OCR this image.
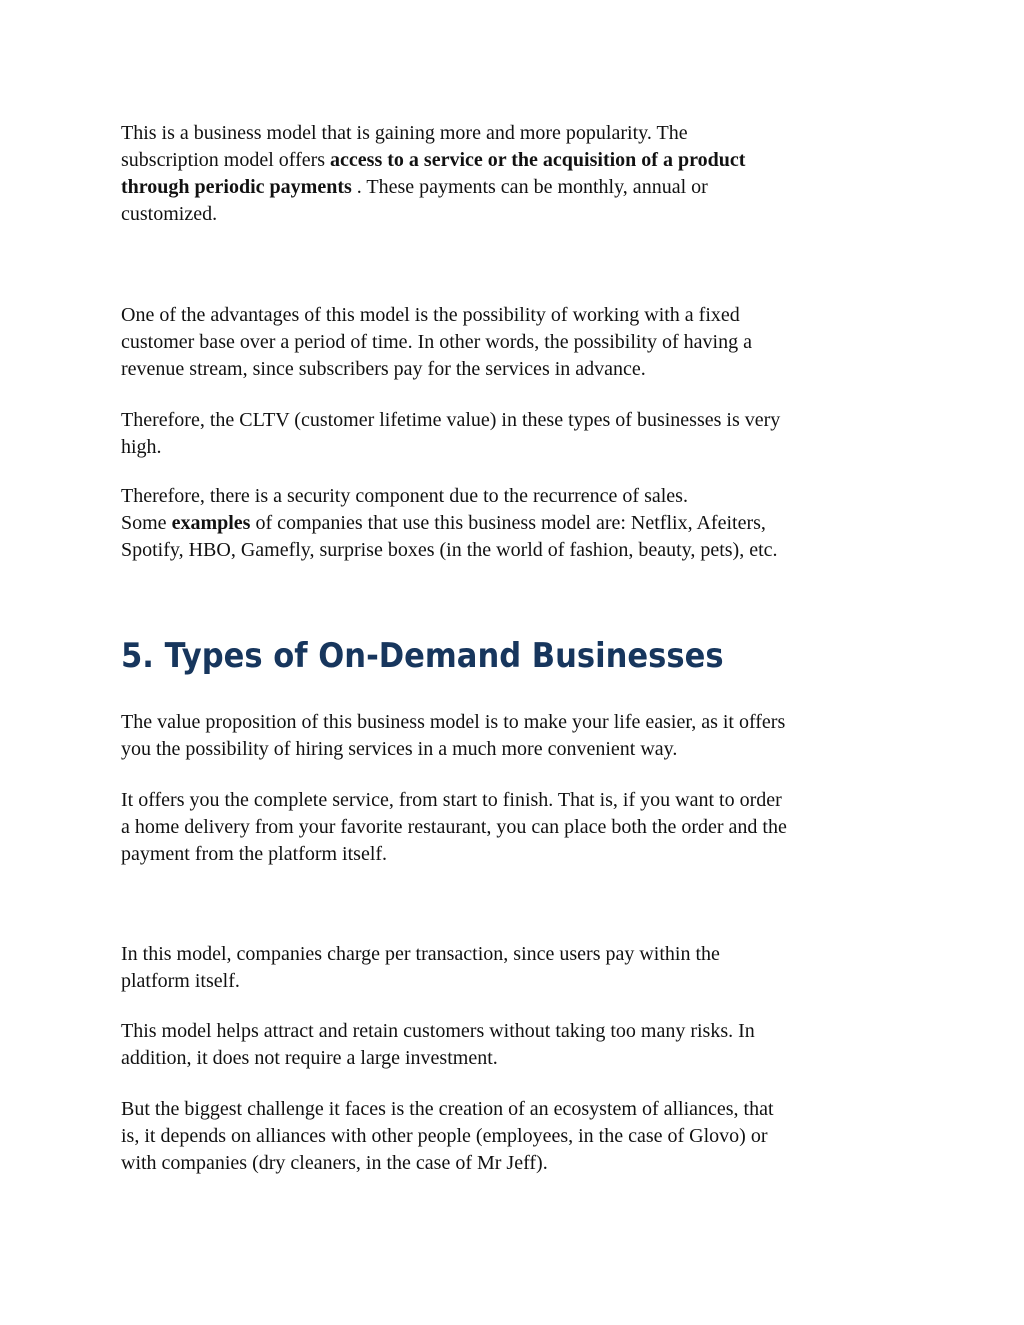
This is a business model that is gaining more and more popularity. The
subscription model offers access to a service or the acquisition of a product
through periodic payments . These payments can be monthly, annual or
customized.

One of the advantages of this model is the possibility of working with a fixed
customer base over a period of time. In other words, the possibility of having a
revenue stream, since subscribers pay for the services in advance.

Therefore, the CLTV (customer lifetime value) in these types of businesses is very
high.

Therefore, there is a security component due to the recurrence of sales.
Some examples of companies that use this business model are: Netflix, Afeiters,
Spotify, HBO, Gamefly, surprise boxes (in the world of fashion, beauty, pets), etc.

5. Types of On-Demand Businesses

The value proposition of this business model is to make your life easier, as it offers
you the possibility of hiring services in a much more convenient way.

It offers you the complete service, from start to finish. That is, if you want to order
a home delivery from your favorite restaurant, you can place both the order and the
payment from the platform itself.

In this model, companies charge per transaction, since users pay within the
platform itself.

This model helps attract and retain customers without taking too many risks. In
addition, it does not require a large investment.

But the biggest challenge it faces is the creation of an ecosystem of alliances, that
is, it depends on alliances with other people (employees, in the case of Glovo) or
with companies (dry cleaners, in the case of Mr Jeff).
